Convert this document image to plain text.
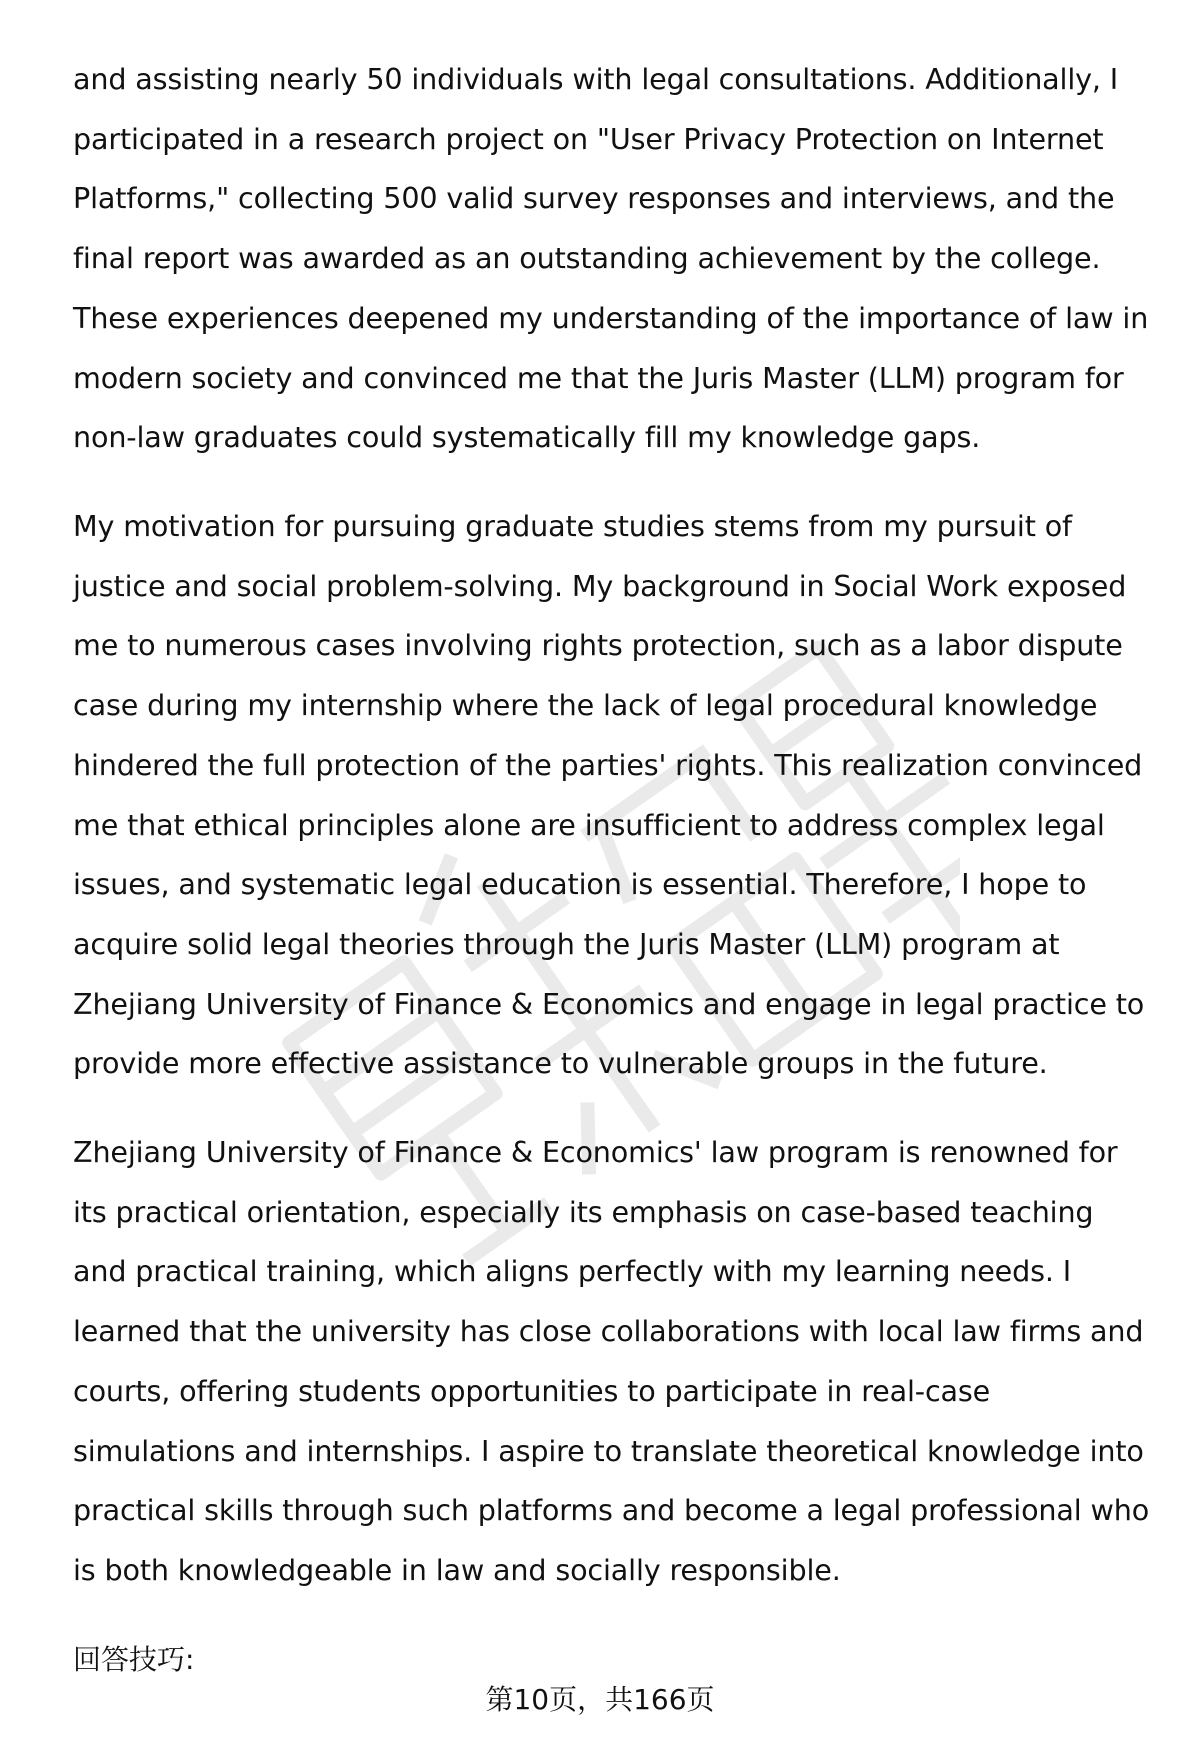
and assisting nearly 50 individuals with legal consultations. Additionally, I participated in a research project on "User Privacy Protection on Internet Platforms," collecting 500 valid survey responses and interviews, and the final report was awarded as an outstanding achievement by the college. These experiences deepened my understanding of the importance of law in modern society and convinced me that the Juris Master (LLM) program for non-law graduates could systematically fill my knowledge gaps.

My motivation for pursuing graduate studies stems from my pursuit of justice and social problem-solving. My background in Social Work exposed me to numerous cases involving rights protection, such as a labor dispute case during my internship where the lack of legal procedural knowledge hindered the full protection of the parties' rights. This realization convinced me that ethical principles alone are insufficient to address complex legal issues, and systematic legal education is essential. Therefore, I hope to acquire solid legal theories through the Juris Master (LLM) program at Zhejiang University of Finance & Economics and engage in legal practice to provide more effective assistance to vulnerable groups in the future.

Zhejiang University of Finance & Economics' law program is renowned for its practical orientation, especially its emphasis on case-based teaching and practical training, which aligns perfectly with my learning needs. I learned that the university has close collaborations with local law firms and courts, offering students opportunities to participate in real-case simulations and internships. I aspire to translate theoretical knowledge into practical skills through such platforms and become a legal professional who is both knowledgeable in law and socially responsible.

回答技巧:
第10页，共166页
